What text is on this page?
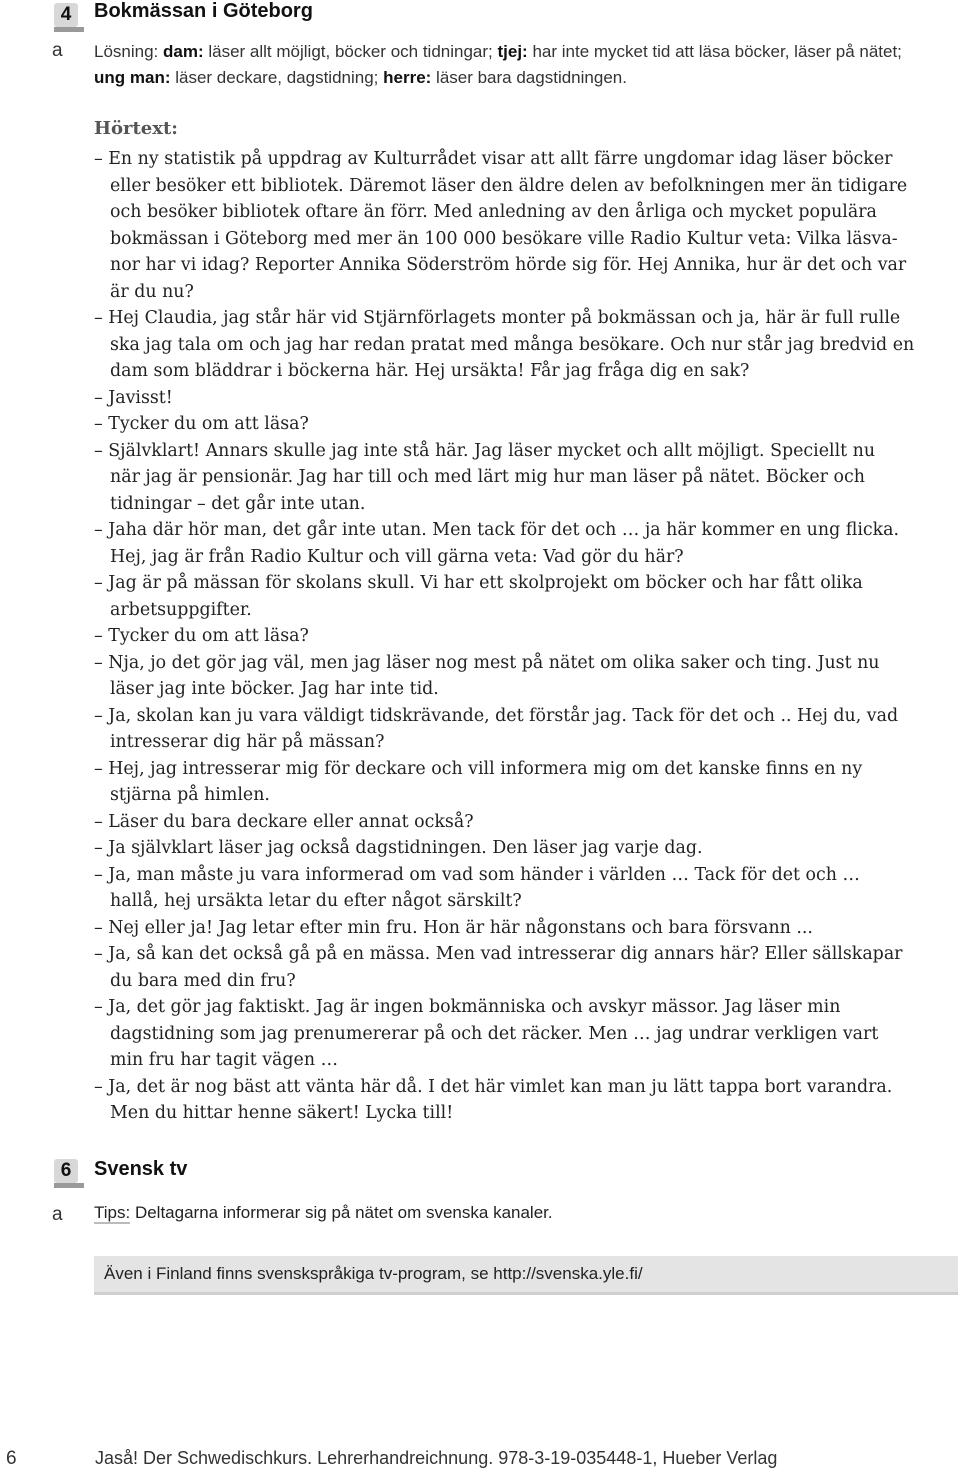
4	Bokmässan i Göteborg
a Lösning: dam: läser allt möjligt, böcker och tidningar; tjej: har inte mycket tid att läsa böcker, läser på nätet;
ung man: läser deckare, dagstidning; herre: läser bara dagstidningen.
Hörtext:
– En ny statistik på uppdrag av Kulturrådet visar att allt färre ungdomar idag läser böcker
eller besöker ett bibliotek. Däremot läser den äldre delen av befolkningen mer än tidigare
och besöker bibliotek oftare än förr. Med anledning av den årliga och mycket populära
bokmässan i Göteborg med mer än 100 000 besökare ville Radio Kultur veta: Vilka läsva-
nor har vi idag? Reporter Annika Söderström hörde sig för. Hej Annika, hur är det och var
är du nu?
– Hej Claudia, jag står här vid Stjärnförlagets monter på bokmässan och ja, här är full rulle
ska jag tala om och jag har redan pratat med många besökare. Och nur står jag bredvid en
dam som bläddrar i böckerna här. Hej ursäkta! Får jag fråga dig en sak?
– Javisst!
– Tycker du om att läsa?
– Självklart! Annars skulle jag inte stå här. Jag läser mycket och allt möjligt. Speciellt nu
när jag är pensionär. Jag har till och med lärt mig hur man läser på nätet. Böcker och
tidningar – det går inte utan.
– Jaha där hör man, det går inte utan. Men tack för det och … ja här kommer en ung flicka.
Hej, jag är från Radio Kultur och vill gärna veta: Vad gör du här?
– Jag är på mässan för skolans skull. Vi har ett skolprojekt om böcker och har fått olika
arbetsuppgifter.
– Tycker du om att läsa?
– Nja, jo det gör jag väl, men jag läser nog mest på nätet om olika saker och ting. Just nu
läser jag inte böcker. Jag har inte tid.
– Ja, skolan kan ju vara väldigt tidskrävande, det förstår jag. Tack för det och .. Hej du, vad
intresserar dig här på mässan?
– Hej, jag intresserar mig för deckare och vill informera mig om det kanske finns en ny
stjärna på himlen.
– Läser du bara deckare eller annat också?
– Ja självklart läser jag också dagstidningen. Den läser jag varje dag.
– Ja, man måste ju vara informerad om vad som händer i världen … Tack för det och …
hallå, hej ursäkta letar du efter något särskilt?
– Nej eller ja! Jag letar efter min fru. Hon är här någonstans och bara försvann ...
– Ja, så kan det också gå på en mässa. Men vad intresserar dig annars här? Eller sällskapar
du bara med din fru?
– Ja, det gör jag faktiskt. Jag är ingen bokmänniska och avskyr mässor. Jag läser min
dagstidning som jag prenumererar på och det räcker. Men … jag undrar verkligen vart
min fru har tagit vägen …
– Ja, det är nog bäst att vänta här då. I det här vimlet kan man ju lätt tappa bort varandra.
Men du hittar henne säkert! Lycka till!
6	Svensk tv
a Tips: Deltagarna informerar sig på nätet om svenska kanaler.
Även i Finland finns svenskspråkiga tv-program, se http://svenska.yle.fi/
6	Jaså! Der Schwedischkurs. Lehrerhandreichnung. 978-3-19-035448-1, Hueber Verlag
